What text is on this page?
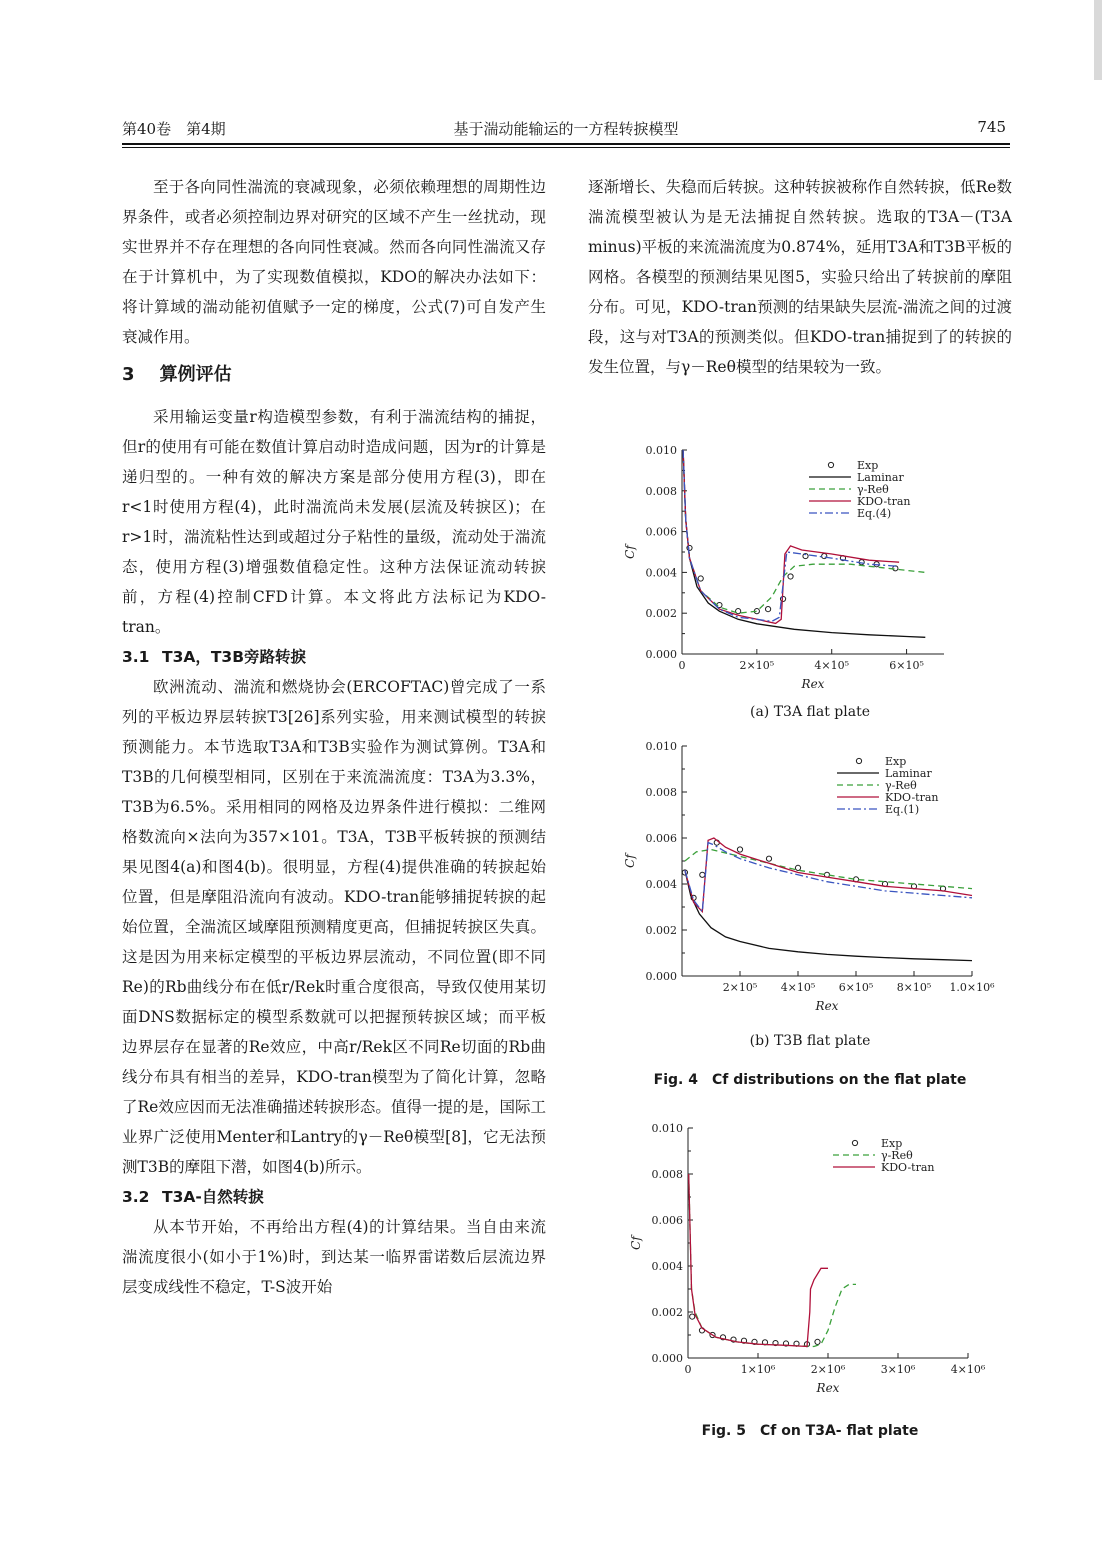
第40卷　第4期	基于湍动能输运的一方程转捩模型	745

至于各向同性湍流的衰减现象，必须依赖理想的周期性边界条件，或者必须控制边界对研究的区域不产生一丝扰动，现实世界并不存在理想的各向同性衰减。然而各向同性湍流又存在于计算机中，为了实现数值模拟，KDO的解决办法如下：将计算域的湍动能初值赋予一定的梯度，公式(7)可自发产生衰减作用。

3 算例评估

采用输运变量r构造模型参数，有利于湍流结构的捕捉，但r的使用有可能在数值计算启动时造成问题，因为r的计算是递归型的。一种有效的解决方案是部分使用方程(3)，即在r<1时使用方程(4)，此时湍流尚未发展(层流及转捩区)；在r>1时，湍流粘性达到或超过分子粘性的量级，流动处于湍流态，使用方程(3)增强数值稳定性。这种方法保证流动转捩前，方程(4)控制CFD计算。本文将此方法标记为KDO-tran。

3.1 T3A，T3B旁路转捩

欧洲流动、湍流和燃烧协会(ERCOFTAC)曾完成了一系列的平板边界层转捩T3[26]系列实验，用来测试模型的转捩预测能力。本节选取T3A和T3B实验作为测试算例。T3A和T3B的几何模型相同，区别在于来流湍流度：T3A为3.3%，T3B为6.5%。采用相同的网格及边界条件进行模拟：二维网格数流向×法向为357×101。T3A，T3B平板转捩的预测结果见图4(a)和图4(b)。很明显，方程(4)提供准确的转捩起始位置，但是摩阻沿流向有波动。KDO-tran能够捕捉转捩的起始位置，全湍流区域摩阻预测精度更高，但捕捉转捩区失真。这是因为用来标定模型的平板边界层流动，不同位置(即不同Re)的Rb曲线分布在低r/Rek时重合度很高，导致仅使用某切面DNS数据标定的模型系数就可以把握预转捩区域；而平板边界层存在显著的Re效应，中高r/Rek区不同Re切面的Rb曲线分布具有相当的差异，KDO-tran模型为了简化计算，忽略了Re效应因而无法准确描述转捩形态。值得一提的是，国际工业界广泛使用Menter和Lantry的γ－Reθ模型[8]，它无法预测T3B的摩阻下潜，如图4(b)所示。

3.2 T3A-自然转捩

从本节开始，不再给出方程(4)的计算结果。当自由来流湍流度很小(如小于1%)时，到达某一临界雷诺数后层流边界层变成线性不稳定，T-S波开始

逐渐增长、失稳而后转捩。这种转捩被称作自然转捩，低Re数湍流模型被认为是无法捕捉自然转捩。选取的T3A－(T3A minus)平板的来流湍流度为0.874%，延用T3A和T3B平板的网格。各模型的预测结果见图5，实验只给出了转捩前的摩阻分布。可见，KDO-tran预测的结果缺失层流-湍流之间的过渡段，这与对T3A的预测类似。但KDO-tran捕捉到了的转捩的发生位置，与γ－Reθ模型的结果较为一致。

0.000
0.002
0.004
0.006
0.008
0.010
0	2×10⁵	4×10⁵	6×10⁵
Cf
Rex
Exp
Laminar
γ-Reθ
KDO-tran
Eq.(4)
(a) T3A flat plate
0.000
0.002
0.004
0.006
0.008
0.010
2×10⁵ 4×10⁵ 6×10⁵ 8×10⁵ 1.0×10⁶
Cf
Rex
Exp
Laminar
γ-Reθ
KDO-tran
Eq.(1)
(b) T3B flat plate
Fig. 4　Cf distributions on the flat plate
0.000
0.002
0.004
0.006
0.008
0.010
0	1×10⁶	2×10⁶	3×10⁶	4×10⁶
Cf
Rex
Exp
γ-Reθ
KDO-tran
Fig. 5　Cf on T3A- flat plate
